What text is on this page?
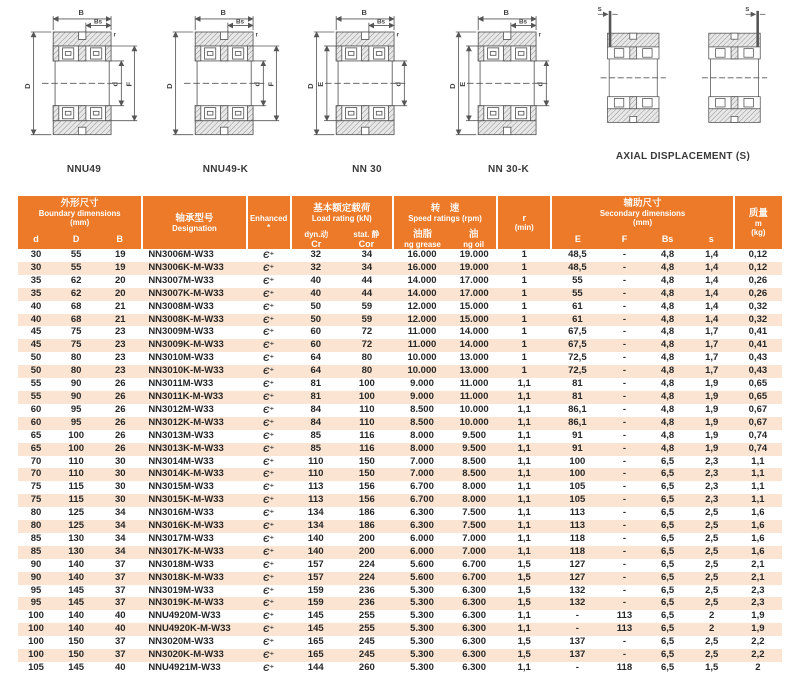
B
Bs
r
D	d F
NNU49
B
Bs
r
D	d F
NNU49-K
B
Bs
r
D	d
E
NN 30
B
Bs
r
D	d
E
NN 30-K
S	S
AXIAL DISPLACEMENT (S)
外形尺寸
Boundary dimensions
(mm)	轴承型号
Designation

Enhanced
*

基本额定载荷
Load rating (kN)

转　速
Speed ratings (rpm)	r
(min)

辅助尺寸
Secondary dimensions
(mm)

质量
m
(kg)

d	D	B	dyn.动
Cr

stat. 静
Cor

油脂
ng grease

油
ng oil

E	F	Bs	s

30	55	19	NN3006M-W33	Є⁺	32	34	16.000	19.000	1	48,5	-	4,8	1,4	0,12
30	55	19	NN3006K-M-W33	Є⁺	32	34	16.000	19.000	1	48,5	-	4,8	1,4	0,12
35	62	20	NN3007M-W33	Є⁺	40	44	14.000	17.000	1	55	-	4,8	1,4	0,26
35	62	20	NN3007K-M-W33	Є⁺	40	44	14.000	17.000	1	55	-	4,8	1,4	0,26
40	68	21	NN3008M-W33	Є⁺	50	59	12.000	15.000	1	61	-	4,8	1,4	0,32
40	68	21	NN3008K-M-W33	Є⁺	50	59	12.000	15.000	1	61	-	4,8	1,4	0,32
45	75	23	NN3009M-W33	Є⁺	60	72	11.000	14.000	1	67,5	-	4,8	1,7	0,41
45	75	23	NN3009K-M-W33	Є⁺	60	72	11.000	14.000	1	67,5	-	4,8	1,7	0,41
50	80	23	NN3010M-W33	Є⁺	64	80	10.000	13.000	1	72,5	-	4,8	1,7	0,43
50	80	23	NN3010K-M-W33	Є⁺	64	80	10.000	13.000	1	72,5	-	4,8	1,7	0,43
55	90	26	NN3011M-W33	Є⁺	81	100	9.000	11.000	1,1	81	-	4,8	1,9	0,65
55	90	26	NN3011K-M-W33	Є⁺	81	100	9.000	11.000	1,1	81	-	4,8	1,9	0,65
60	95	26	NN3012M-W33	Є⁺	84	110	8.500	10.000	1,1	86,1	-	4,8	1,9	0,67
60	95	26	NN3012K-M-W33	Є⁺	84	110	8.500	10.000	1,1	86,1	-	4,8	1,9	0,67
65	100	26	NN3013M-W33	Є⁺	85	116	8.000	9.500	1,1	91	-	4,8	1,9	0,74
65	100	26	NN3013K-M-W33	Є⁺	85	116	8.000	9.500	1,1	91	-	4,8	1,9	0,74
70	110	30	NN3014M-W33	Є⁺	110	150	7.000	8.500	1,1	100	-	6,5	2,3	1,1
70	110	30	NN3014K-M-W33	Є⁺	110	150	7.000	8.500	1,1	100	-	6,5	2,3	1,1
75	115	30	NN3015M-W33	Є⁺	113	156	6.700	8.000	1,1	105	-	6,5	2,3	1,1
75	115	30	NN3015K-M-W33	Є⁺	113	156	6.700	8.000	1,1	105	-	6,5	2,3	1,1
80	125	34	NN3016M-W33	Є⁺	134	186	6.300	7.500	1,1	113	-	6,5	2,5	1,6
80	125	34	NN3016K-M-W33	Є⁺	134	186	6.300	7.500	1,1	113	-	6,5	2,5	1,6
85	130	34	NN3017M-W33	Є⁺	140	200	6.000	7.000	1,1	118	-	6,5	2,5	1,6
85	130	34	NN3017K-M-W33	Є⁺	140	200	6.000	7.000	1,1	118	-	6,5	2,5	1,6
90	140	37	NN3018M-W33	Є⁺	157	224	5.600	6.700	1,5	127	-	6,5	2,5	2,1
90	140	37	NN3018K-M-W33	Є⁺	157	224	5.600	6.700	1,5	127	-	6,5	2,5	2,1
95	145	37	NN3019M-W33	Є⁺	159	236	5.300	6.300	1,5	132	-	6,5	2,5	2,3
95	145	37	NN3019K-M-W33	Є⁺	159	236	5.300	6.300	1,5	132	-	6,5	2,5	2,3
100	140	40	NNU4920M-W33	Є⁺	145	255	5.300	6.300	1,1	-	113	6,5	2	1,9
100	140	40	NNU4920K-M-W33	Є⁺	145	255	5.300	6.300	1,1	-	113	6,5	2	1,9
100	150	37	NN3020M-W33	Є⁺	165	245	5.300	6.300	1,5	137	-	6,5	2,5	2,2
100	150	37	NN3020K-M-W33	Є⁺	165	245	5.300	6.300	1,5	137	-	6,5	2,5	2,2
105	145	40	NNU4921M-W33	Є⁺	144	260	5.300	6.300	1,1	-	118	6,5	1,5	2
